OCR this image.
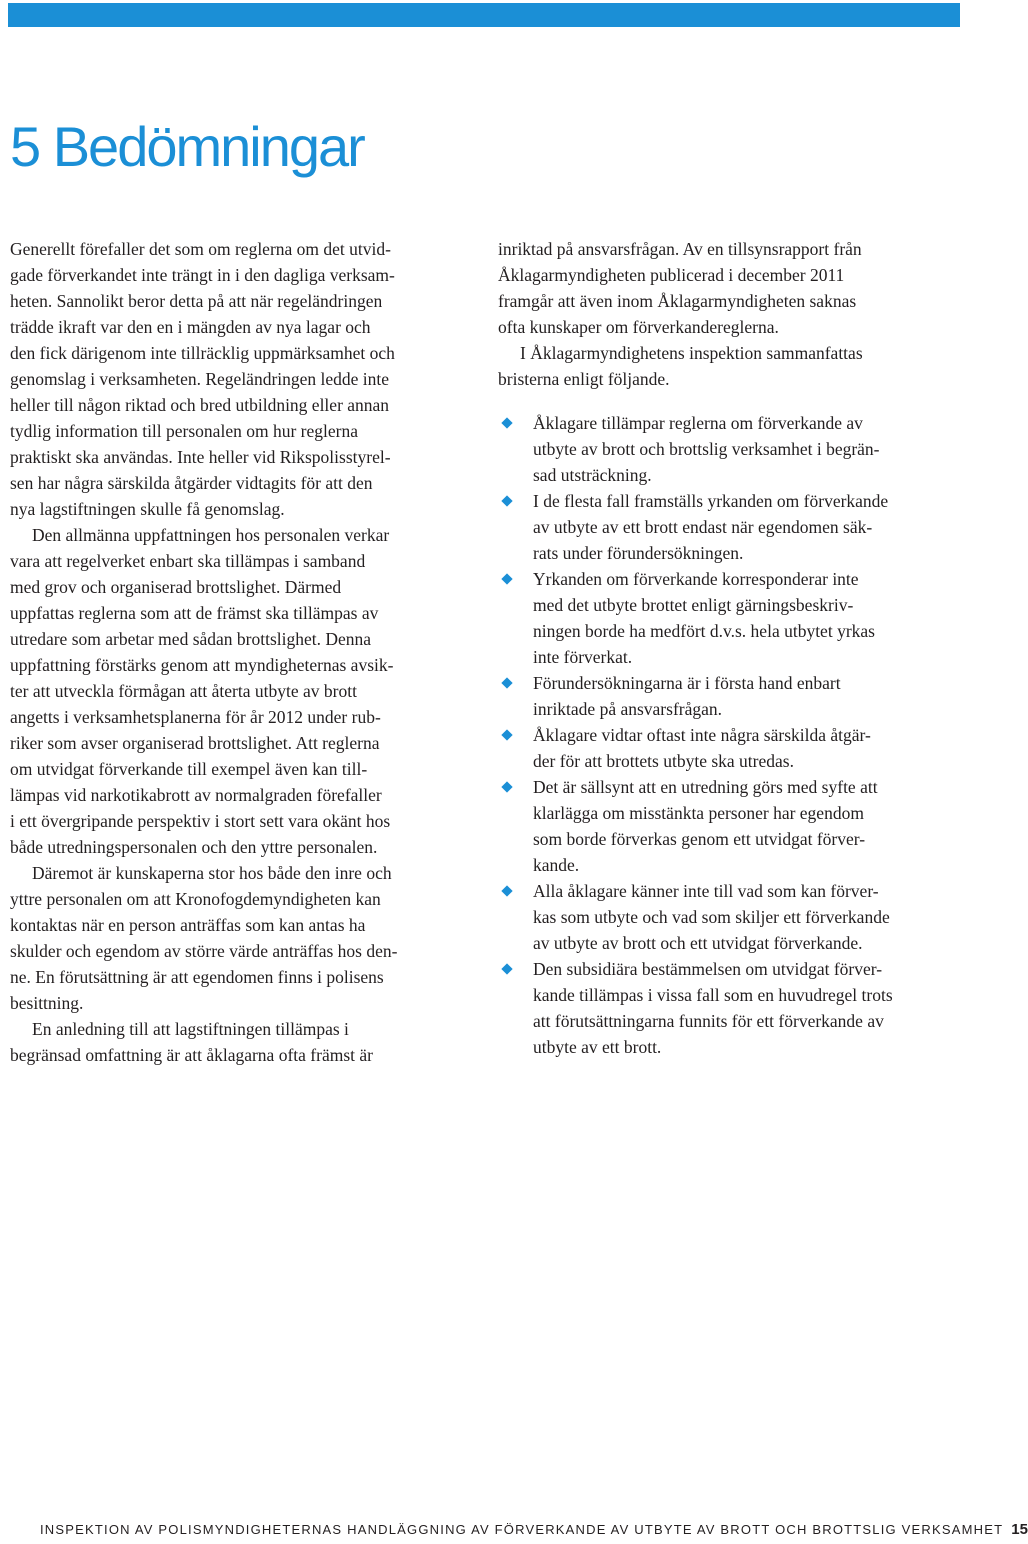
5 Bedömningar
Generellt förefaller det som om reglerna om det utvid-
gade förverkandet inte trängt in i den dagliga verksam-
heten. Sannolikt beror detta på att när regeländringen
trädde ikraft var den en i mängden av nya lagar och
den fick därigenom inte tillräcklig uppmärksamhet och
genomslag i verksamheten. Regeländringen ledde inte
heller till någon riktad och bred utbildning eller annan
tydlig information till personalen om hur reglerna
praktiskt ska användas. Inte heller vid Rikspolisstyrel-
sen har några särskilda åtgärder vidtagits för att den
nya lagstiftningen skulle få genomslag.
Den allmänna uppfattningen hos personalen verkar
vara att regelverket enbart ska tillämpas i samband
med grov och organiserad brottslighet. Därmed
uppfattas reglerna som att de främst ska tillämpas av
utredare som arbetar med sådan brottslighet. Denna
uppfattning förstärks genom att myndigheternas avsik-
ter att utveckla förmågan att återta utbyte av brott
angetts i verksamhetsplanerna för år 2012 under rub-
riker som avser organiserad brottslighet. Att reglerna
om utvidgat förverkande till exempel även kan till-
lämpas vid narkotikabrott av normalgraden förefaller
i ett övergripande perspektiv i stort sett vara okänt hos
både utredningspersonalen och den yttre personalen.
Däremot är kunskaperna stor hos både den inre och
yttre personalen om att Kronofogdemyndigheten kan
kontaktas när en person anträffas som kan antas ha
skulder och egendom av större värde anträffas hos den-
ne. En förutsättning är att egendomen finns i polisens
besittning.
En anledning till att lagstiftningen tillämpas i
begränsad omfattning är att åklagarna ofta främst är
inriktad på ansvarsfrågan. Av en tillsynsrapport från
Åklagarmyndigheten publicerad i december 2011
framgår att även inom Åklagarmyndigheten saknas
ofta kunskaper om förverkandereglerna.
I Åklagarmyndighetens inspektion sammanfattas
bristerna enligt följande.
Åklagare tillämpar reglerna om förverkande av
utbyte av brott och brottslig verksamhet i begrän-
sad utsträckning.
I de flesta fall framställs yrkanden om förverkande
av utbyte av ett brott endast när egendomen säk-
rats under förundersökningen.
Yrkanden om förverkande korresponderar inte
med det utbyte brottet enligt gärningsbeskriv-
ningen borde ha medfört d.v.s. hela utbytet yrkas
inte förverkat.
Förundersökningarna är i första hand enbart
inriktade på ansvarsfrågan.
Åklagare vidtar oftast inte några särskilda åtgär-
der för att brottets utbyte ska utredas.
Det är sällsynt att en utredning görs med syfte att
klarlägga om misstänkta personer har egendom
som borde förverkas genom ett utvidgat förver-
kande.
Alla åklagare känner inte till vad som kan förver-
kas som utbyte och vad som skiljer ett förverkande
av utbyte av brott och ett utvidgat förverkande.
Den subsidiära bestämmelsen om utvidgat förver-
kande tillämpas i vissa fall som en huvudregel trots
att förutsättningarna funnits för ett förverkande av
utbyte av ett brott.
INSPEKTION AV POLISMYNDIGHETERNAS HANDLÄGGNING AV FÖRVERKANDE AV UTBYTE AV BROTT OCH BROTTSLIG VERKSAMHET 15
